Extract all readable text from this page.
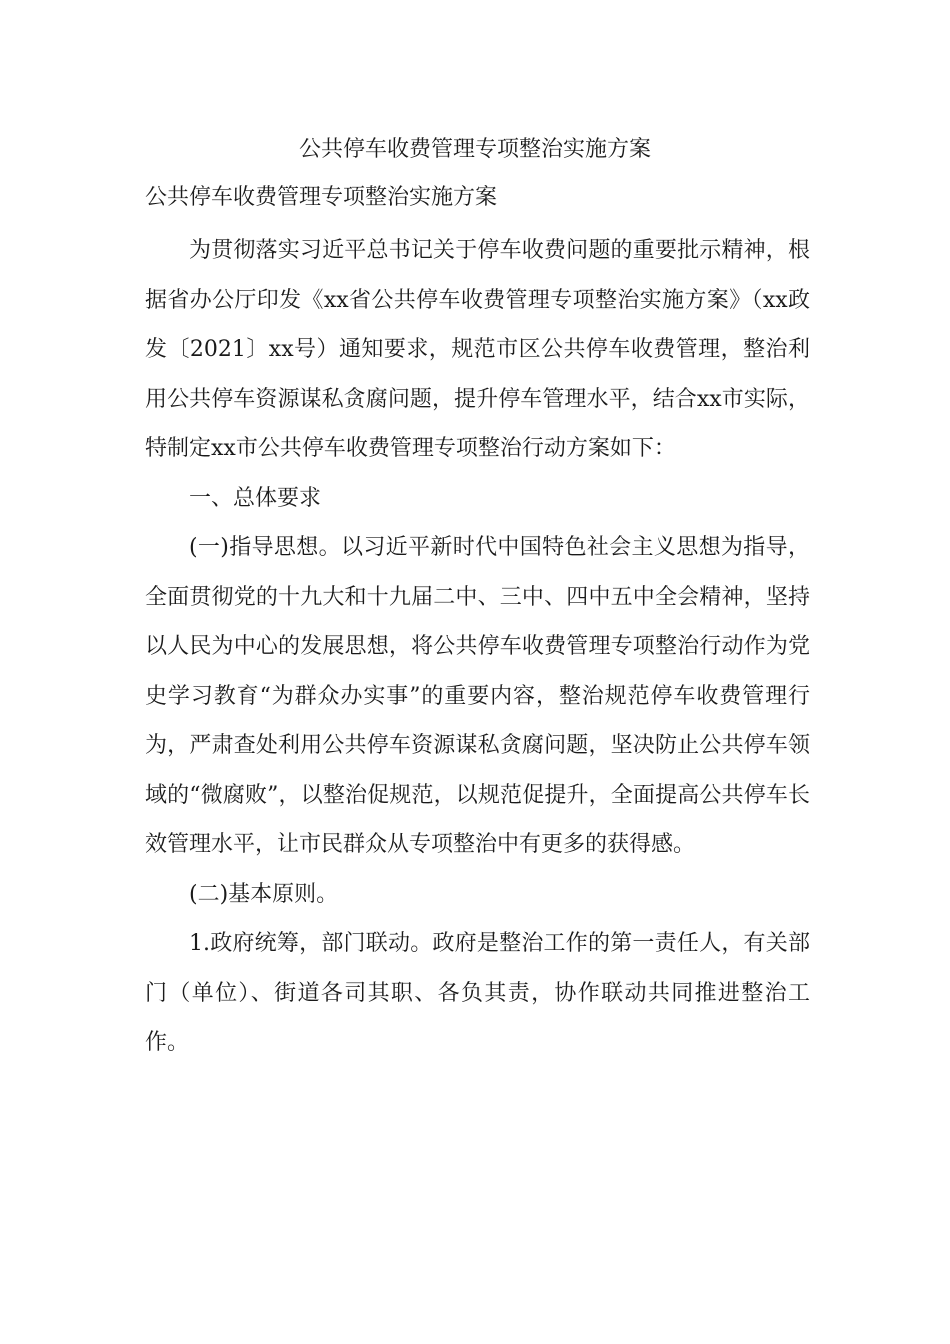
公共停车收费管理专项整治实施方案
公共停车收费管理专项整治实施方案

为贯彻落实习近平总书记关于停车收费问题的重要批示精神，根据省办公厅印发《xx省公共停车收费管理专项整治实施方案》（xx政发〔2021〕xx号）通知要求，规范市区公共停车收费管理，整治利用公共停车资源谋私贪腐问题，提升停车管理水平，结合xx市实际，特制定xx市公共停车收费管理专项整治行动方案如下：

一、总体要求

(一)指导思想。以习近平新时代中国特色社会主义思想为指导，全面贯彻党的十九大和十九届二中、三中、四中五中全会精神，坚持以人民为中心的发展思想，将公共停车收费管理专项整治行动作为党史学习教育“为群众办实事”的重要内容，整治规范停车收费管理行为，严肃查处利用公共停车资源谋私贪腐问题，坚决防止公共停车领域的“微腐败”，以整治促规范，以规范促提升，全面提高公共停车长效管理水平，让市民群众从专项整治中有更多的获得感。

(二)基本原则。

1.政府统筹，部门联动。政府是整治工作的第一责任人，有关部门（单位）、街道各司其职、各负其责，协作联动共同推进整治工作。
